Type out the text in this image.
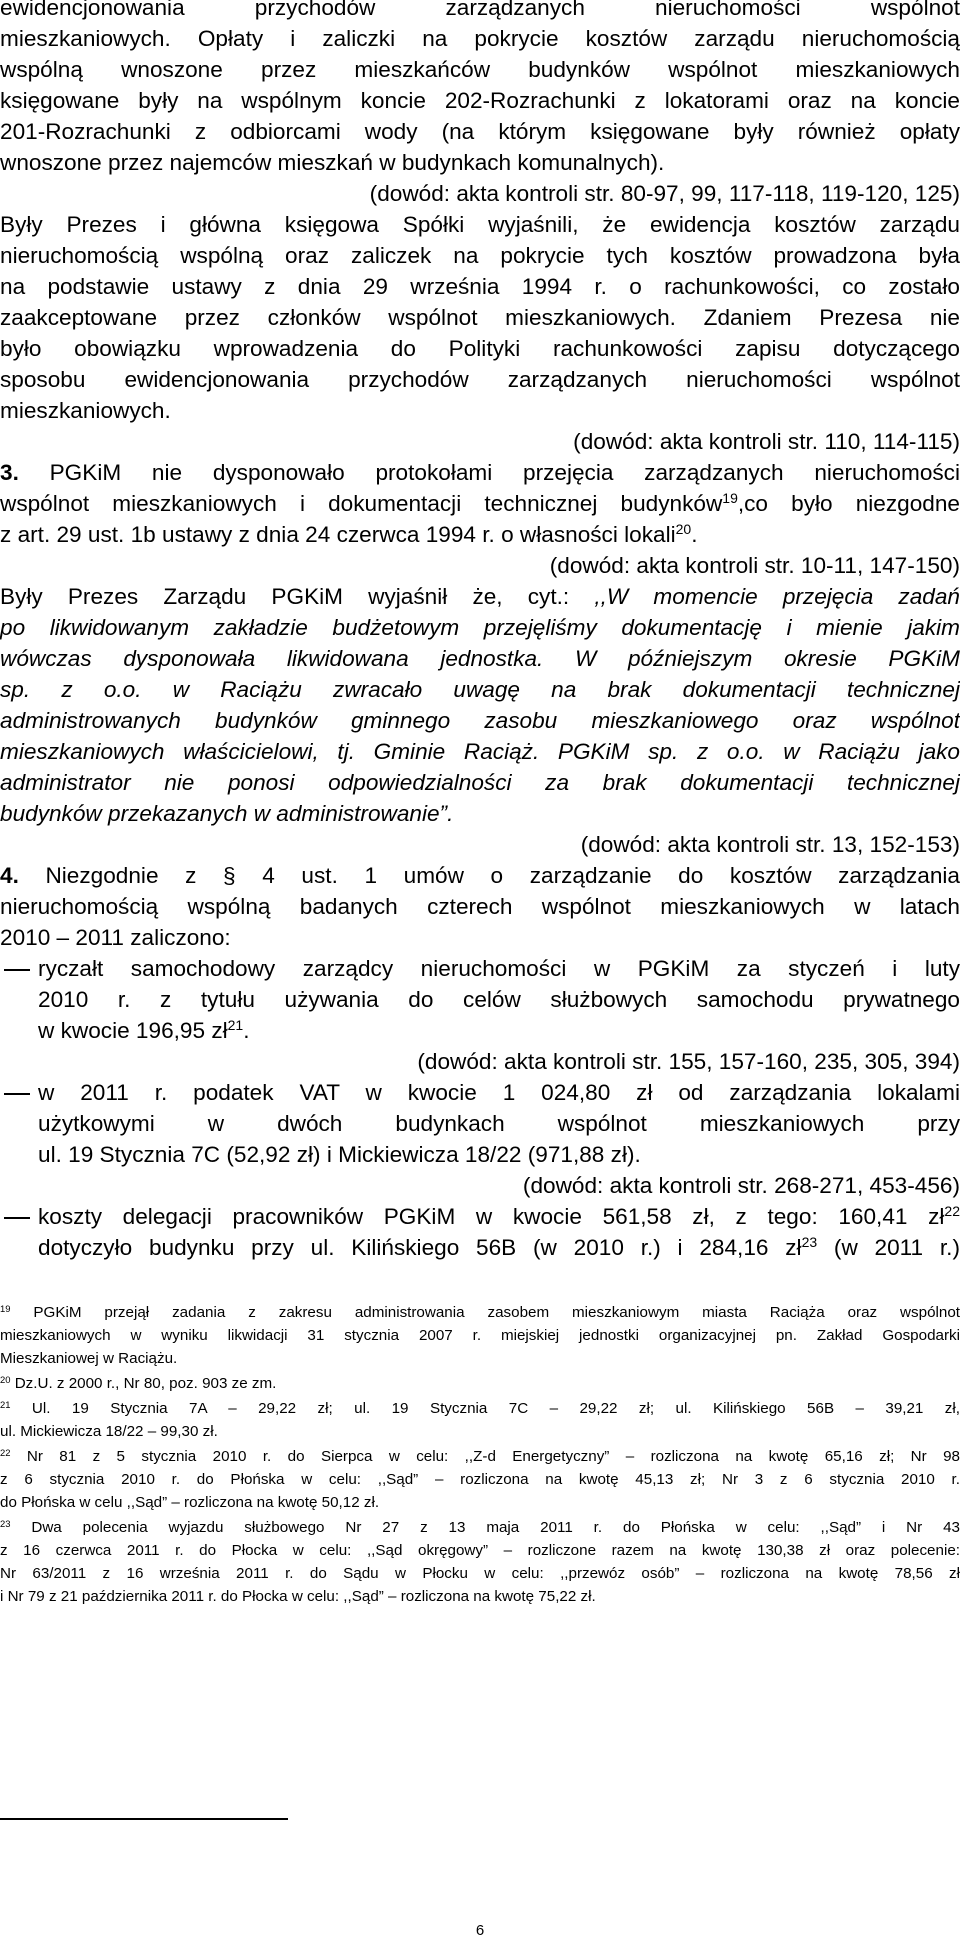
ewidencjonowania przychodów zarządzanych nieruchomości wspólnot
mieszkaniowych. Opłaty i zaliczki na pokrycie kosztów zarządu nieruchomością
wspólną wnoszone przez mieszkańców budynków wspólnot mieszkaniowych
księgowane były na wspólnym koncie 202-Rozrachunki z lokatorami oraz na koncie
201-Rozrachunki z odbiorcami wody (na którym księgowane były również opłaty
wnoszone przez najemców mieszkań w budynkach komunalnych).
(dowód: akta kontroli str. 80-97, 99, 117-118, 119-120, 125)
Były Prezes i główna księgowa Spółki wyjaśnili, że ewidencja kosztów zarządu
nieruchomością wspólną oraz zaliczek na pokrycie tych kosztów prowadzona była
na podstawie ustawy z dnia 29 września 1994 r. o rachunkowości, co zostało
zaakceptowane przez członków wspólnot mieszkaniowych. Zdaniem Prezesa nie
było obowiązku wprowadzenia do Polityki rachunkowości zapisu dotyczącego
sposobu ewidencjonowania przychodów zarządzanych nieruchomości wspólnot
mieszkaniowych.
(dowód: akta kontroli str. 110, 114-115)
3. PGKiM nie dysponowało protokołami przejęcia zarządzanych nieruchomości
wspólnot mieszkaniowych i dokumentacji technicznej budynków$^{19}$,co było niezgodne
z art. 29 ust. 1b ustawy z dnia 24 czerwca 1994 r. o własności lokali$^{20}$.
(dowód: akta kontroli str. 10-11, 147-150)
Były Prezes Zarządu PGKiM wyjaśnił że, cyt.: ,,W momencie przejęcia zadań
po likwidowanym zakładzie budżetowym przejęliśmy dokumentację i mienie jakim
wówczas dysponowała likwidowana jednostka. W późniejszym okresie PGKiM
sp. z o.o. w Raciążu zwracało uwagę na brak dokumentacji technicznej
administrowanych budynków gminnego zasobu mieszkaniowego oraz wspólnot
mieszkaniowych właścicielowi, tj. Gminie Raciąż. PGKiM sp. z o.o. w Raciążu jako
administrator nie ponosi odpowiedzialności za brak dokumentacji technicznej
budynków przekazanych w administrowanie”.
(dowód: akta kontroli str. 13, 152-153)
4. Niezgodnie z § 4 ust. 1 umów o zarządzanie do kosztów zarządzania
nieruchomością wspólną badanych czterech wspólnot mieszkaniowych w latach
2010 – 2011 zaliczono:
ryczałt samochodowy zarządcy nieruchomości w PGKiM za styczeń i luty
2010 r. z tytułu używania do celów służbowych samochodu prywatnego
w kwocie 196,95 $zł^{21}$.
(dowód: akta kontroli str. 155, 157-160, 235, 305, 394)
w 2011 r. podatek VAT w kwocie 1 024,80 zł od zarządzania lokalami
użytkowymi w dwóch budynkach wspólnot mieszkaniowych przy
ul. 19 Stycznia 7C (52,92 zł) i Mickiewicza 18/22 (971,88 zł).
(dowód: akta kontroli str. 268-271, 453-456)
koszty delegacji pracowników PGKiM w kwocie 561,58 zł, z tego: 160,41 $zł^{22}$
dotyczyło budynku przy ul. Kilińskiego 56B (w 2010 r.) i 284,16 $zł^{23}$ (w 2011 r.)
$^{19}$ PGKiM przejął zadania z zakresu administrowania zasobem mieszkaniowym miasta Raciąża oraz wspólnot
mieszkaniowych w wyniku likwidacji 31 stycznia 2007 r. miejskiej jednostki organizacyjnej pn. Zakład Gospodarki
Mieszkaniowej w Raciążu.
$^{20}$ Dz.U. z 2000 r., Nr 80, poz. 903 ze zm.
$^{21}$ Ul. 19 Stycznia 7A – 29,22 zł; ul. 19 Stycznia 7C – 29,22 zł; ul. Kilińskiego 56B – 39,21 zł,
ul. Mickiewicza 18/22 – 99,30 zł.
$^{22}$ Nr 81 z 5 stycznia 2010 r. do Sierpca w celu: ,,Z-d Energetyczny” – rozliczona na kwotę 65,16 zł; Nr 98
z 6 stycznia 2010 r. do Płońska w celu: ,,Sąd” – rozliczona na kwotę 45,13 zł; Nr 3 z 6 stycznia 2010 r.
do Płońska w celu ,,Sąd” – rozliczona na kwotę 50,12 zł.
$^{23}$ Dwa polecenia wyjazdu służbowego Nr 27 z 13 maja 2011 r. do Płońska w celu: ,,Sąd” i Nr 43
z 16 czerwca 2011 r. do Płocka w celu: ,,Sąd okręgowy” – rozliczone razem na kwotę 130,38 zł oraz polecenie:
Nr 63/2011 z 16 września 2011 r. do Sądu w Płocku w celu: ,,przewóz osób” – rozliczona na kwotę 78,56 zł
i Nr 79 z 21 października 2011 r. do Płocka w celu: ,,Sąd” – rozliczona na kwotę 75,22 zł.
6
